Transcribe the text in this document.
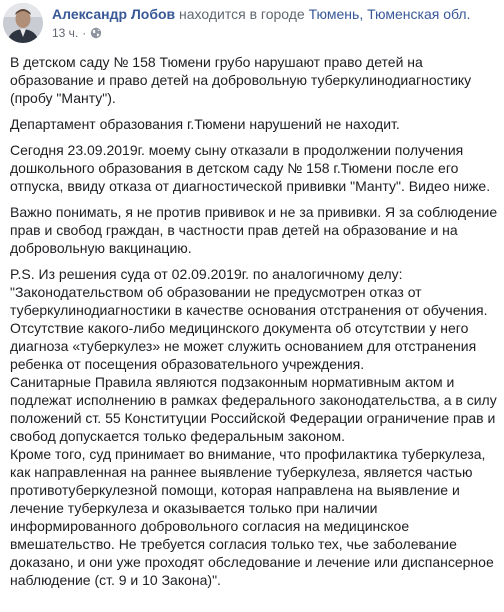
Александр Лобов находится в городе Тюмень, Тюменская обл.
13 ч. ·

В детском саду № 158 Тюмени грубо нарушают право детей на
образование и право детей на добровольную туберкулинодиагностику
(пробу "Манту").

Департамент образования г.Тюмени нарушений не находит.

Сегодня 23.09.2019г. моему сыну отказали в продолжении получения
дошкольного образования в детском саду № 158 г.Тюмени после его
отпуска, ввиду отказа от диагностической прививки "Манту". Видео ниже.

Важно понимать, я не против прививок и не за прививки. Я за соблюдение
прав и свобод граждан, в частности прав детей на образование и на
добровольную вакцинацию.

P.S. Из решения суда от 02.09.2019г. по аналогичному делу:
"Законодательством об образовании не предусмотрен отказ от
туберкулинодиагностики в качестве основания отстранения от обучения.
Отсутствие какого-либо медицинского документа об отсутствии у него
диагноза «туберкулез» не может служить основанием для отстранения
ребенка от посещения образовательного учреждения.
Санитарные Правила являются подзаконным нормативным актом и
подлежат исполнению в рамках федерального законодательства, а в силу
положений ст. 55 Конституции Российской Федерации ограничение прав и
свобод допускается только федеральным законом.
Кроме того, суд принимает во внимание, что профилактика туберкулеза,
как направленная на раннее выявление туберкулеза, является частью
противотуберкулезной помощи, которая направлена на выявление и
лечение туберкулеза и оказывается только при наличии
информированного добровольного согласия на медицинское
вмешательство. Не требуется согласия только тех, чье заболевание
доказано, и они уже проходят обследование и лечение или диспансерное
наблюдение (ст. 9 и 10 Закона)".
